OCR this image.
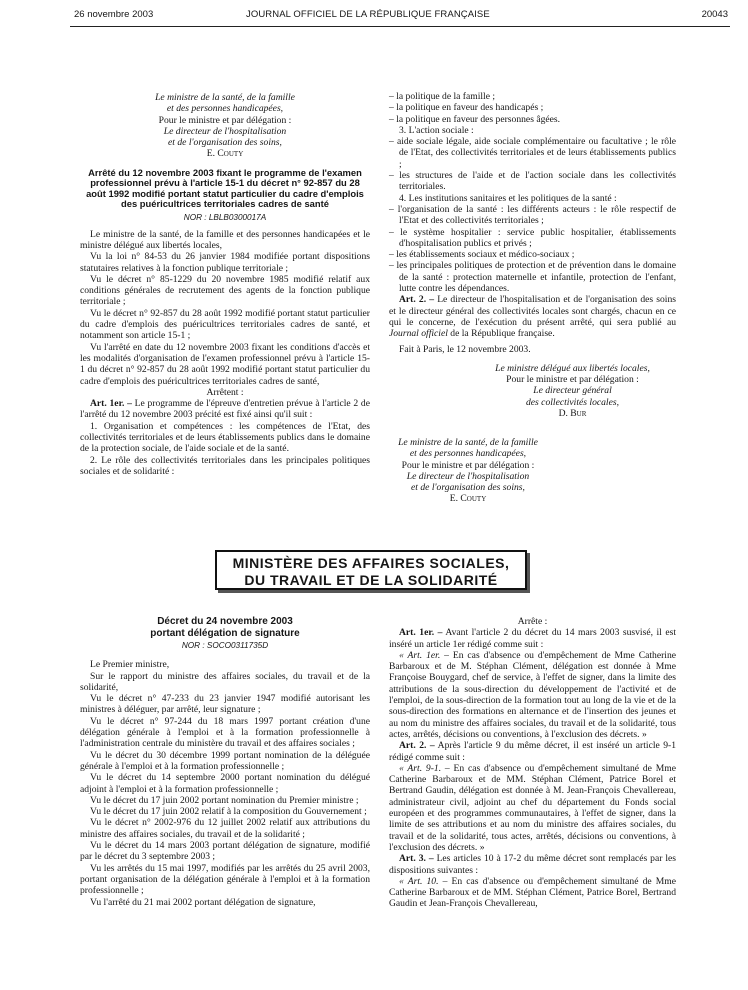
26 novembre 2003	JOURNAL OFFICIEL DE LA RÉPUBLIQUE FRANÇAISE	20043

Le ministre de la santé, de la famille

et des personnes handicapées,

Pour le ministre et par délégation :

Le directeur de l'hospitalisation

et de l'organisation des soins,

E. Couty

Arrêté du 12 novembre 2003 fixant le programme de l'examen professionnel prévu à l'article 15-1 du décret n° 92-857 du 28 août 1992 modifié portant statut particulier du cadre d'emplois des puéricultrices territoriales cadres de santé

NOR : LBLB0300017A

Le ministre de la santé, de la famille et des personnes handicapées et le ministre délégué aux libertés locales,

Vu la loi n° 84-53 du 26 janvier 1984 modifiée portant dispositions statutaires relatives à la fonction publique territoriale ;

Vu le décret n° 85-1229 du 20 novembre 1985 modifié relatif aux conditions générales de recrutement des agents de la fonction publique territoriale ;

Vu le décret n° 92-857 du 28 août 1992 modifié portant statut particulier du cadre d'emplois des puéricultrices territoriales cadres de santé, et notamment son article 15-1 ;

Vu l'arrêté en date du 12 novembre 2003 fixant les conditions d'accès et les modalités d'organisation de l'examen professionnel prévu à l'article 15-1 du décret n° 92-857 du 28 août 1992 modifié portant statut particulier du cadre d'emplois des puéricultrices territoriales cadres de santé,

Arrêtent :

Art. 1er. – Le programme de l'épreuve d'entretien prévue à l'article 2 de l'arrêté du 12 novembre 2003 précité est fixé ainsi qu'il suit :

1. Organisation et compétences : les compétences de l'Etat, des collectivités territoriales et de leurs établissements publics dans le domaine de la protection sociale, de l'aide sociale et de la santé.

2. Le rôle des collectivités territoriales dans les principales politiques sociales et de solidarité :

– la politique de la famille ;

– la politique en faveur des handicapés ;

– la politique en faveur des personnes âgées.

3. L'action sociale :

– aide sociale légale, aide sociale complémentaire ou facultative ; le rôle de l'Etat, des collectivités territoriales et de leurs établissements publics ;

– les structures de l'aide et de l'action sociale dans les collectivités territoriales.

4. Les institutions sanitaires et les politiques de la santé :

– l'organisation de la santé : les différents acteurs : le rôle respectif de l'Etat et des collectivités territoriales ;

– le système hospitalier : service public hospitalier, établissements d'hospitalisation publics et privés ;

– les établissements sociaux et médico-sociaux ;

– les principales politiques de protection et de prévention dans le domaine de la santé : protection maternelle et infantile, protection de l'enfant, lutte contre les dépendances.

Art. 2. – Le directeur de l'hospitalisation et de l'organisation des soins et le directeur général des collectivités locales sont chargés, chacun en ce qui le concerne, de l'exécution du présent arrêté, qui sera publié au Journal officiel de la République française.

Fait à Paris, le 12 novembre 2003.

Le ministre délégué aux libertés locales,

Pour le ministre et par délégation :

Le directeur général

des collectivités locales,

D. Bur

Le ministre de la santé, de la famille

et des personnes handicapées,

Pour le ministre et par délégation :

Le directeur de l'hospitalisation

et de l'organisation des soins,

E. Couty

MINISTÈRE DES AFFAIRES SOCIALES,
DU TRAVAIL ET DE LA SOLIDARITÉ

Décret du 24 novembre 2003

portant délégation de signature

NOR : SOCO0311735D

Le Premier ministre,

Sur le rapport du ministre des affaires sociales, du travail et de la solidarité,

Vu le décret n° 47-233 du 23 janvier 1947 modifié autorisant les ministres à déléguer, par arrêté, leur signature ;

Vu le décret n° 97-244 du 18 mars 1997 portant création d'une délégation générale à l'emploi et à la formation professionnelle à l'administration centrale du ministère du travail et des affaires sociales ;

Vu le décret du 30 décembre 1999 portant nomination de la déléguée générale à l'emploi et à la formation professionnelle ;

Vu le décret du 14 septembre 2000 portant nomination du délégué adjoint à l'emploi et à la formation professionnelle ;

Vu le décret du 17 juin 2002 portant nomination du Premier ministre ;

Vu le décret du 17 juin 2002 relatif à la composition du Gouvernement ;

Vu le décret n° 2002-976 du 12 juillet 2002 relatif aux attributions du ministre des affaires sociales, du travail et de la solidarité ;

Vu le décret du 14 mars 2003 portant délégation de signature, modifié par le décret du 3 septembre 2003 ;

Vu les arrêtés du 15 mai 1997, modifiés par les arrêtés du 25 avril 2003, portant organisation de la délégation générale à l'emploi et à la formation professionnelle ;

Vu l'arrêté du 21 mai 2002 portant délégation de signature,

Arrête :

Art. 1er. – Avant l'article 2 du décret du 14 mars 2003 susvisé, il est inséré un article 1er rédigé comme suit :

« Art. 1er. – En cas d'absence ou d'empêchement de Mme Catherine Barbaroux et de M. Stéphan Clément, délégation est donnée à Mme Françoise Bouygard, chef de service, à l'effet de signer, dans la limite des attributions de la sous-direction du développement de l'activité et de l'emploi, de la sous-direction de la formation tout au long de la vie et de la sous-direction des formations en alternance et de l'insertion des jeunes et au nom du ministre des affaires sociales, du travail et de la solidarité, tous actes, arrêtés, décisions ou conventions, à l'exclusion des décrets. »

Art. 2. – Après l'article 9 du même décret, il est inséré un article 9-1 rédigé comme suit :

« Art. 9-1. – En cas d'absence ou d'empêchement simultané de Mme Catherine Barbaroux et de MM. Stéphan Clément, Patrice Borel et Bertrand Gaudin, délégation est donnée à M. Jean-François Chevallereau, administrateur civil, adjoint au chef du département du Fonds social européen et des programmes communautaires, à l'effet de signer, dans la limite de ses attributions et au nom du ministre des affaires sociales, du travail et de la solidarité, tous actes, arrêtés, décisions ou conventions, à l'exclusion des décrets. »

Art. 3. – Les articles 10 à 17-2 du même décret sont remplacés par les dispositions suivantes :

« Art. 10. – En cas d'absence ou d'empêchement simultané de Mme Catherine Barbaroux et de MM. Stéphan Clément, Patrice Borel, Bertrand Gaudin et Jean-François Chevallereau,
